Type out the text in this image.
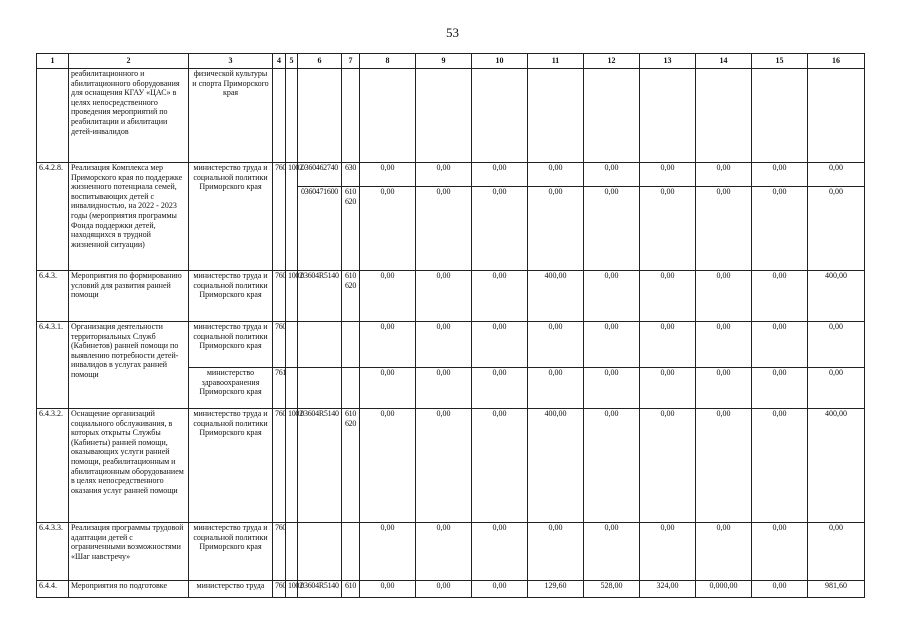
53
1	2	3	4	5	6	7	8	9	10	11	12	13	14	15	16
	реабилитационного и абилитационного оборудования для оснащения КГАУ «ЦАС» в целях непосредственного проведения мероприятий по реабилитации и абилитации детей-инвалидов	физической культуры и спорта Приморского края													
6.4.2.8.	Реализация Комплекса мер Приморского края по поддержке жизненного потенциала семей, воспитывающих детей с инвалидностью, на 2022 - 2023 годы (мероприятия программы Фонда поддержки детей, находящихся в трудной жизненной ситуации)	министерство труда и социальной политики Приморского края	760	1002	0360462740	630	0,00	0,00	0,00	0,00	0,00	0,00	0,00	0,00	0,00
					0360471600	610 620	0,00	0,00	0,00	0,00	0,00	0,00	0,00	0,00	0,00
6.4.3.	Мероприятия по формированию условий для развития ранней помощи	министерство труда и социальной политики Приморского края	760	1002	03604R5140	610 620	0,00	0,00	0,00	400,00	0,00	0,00	0,00	0,00	400,00
6.4.3.1.	Организация деятельности территориальных Служб (Кабинетов) ранней помощи по выявлению потребности детей-инвалидов в услугах ранней помощи	министерство труда и социальной политики Приморского края	760				0,00	0,00	0,00	0,00	0,00	0,00	0,00	0,00	0,00
		министерство здравоохранения Приморского края	761				0,00	0,00	0,00	0,00	0,00	0,00	0,00	0,00	0,00
6.4.3.2.	Оснащение организаций социального обслуживания, в которых открыты Службы (Кабинеты) ранней помощи, оказывающих услуги ранней помощи, реабилитационным и абилитационным оборудованием в целях непосредственного оказания услуг ранней помощи	министерство труда и социальной политики Приморского края	760	1002	03604R5140	610 620	0,00	0,00	0,00	400,00	0,00	0,00	0,00	0,00	400,00
6.4.3.3.	Реализация программы трудовой адаптации детей с ограниченными возможностями «Шаг навстречу»	министерство труда и социальной политики Приморского края	760				0,00	0,00	0,00	0,00	0,00	0,00	0,00	0,00	0,00
6.4.4.	Мероприятия по подготовке	министерство труда	760	1002	03604R5140	610	0,00	0,00	0,00	129,60	528,00	324,00	0,000,00	0,00	981,60
